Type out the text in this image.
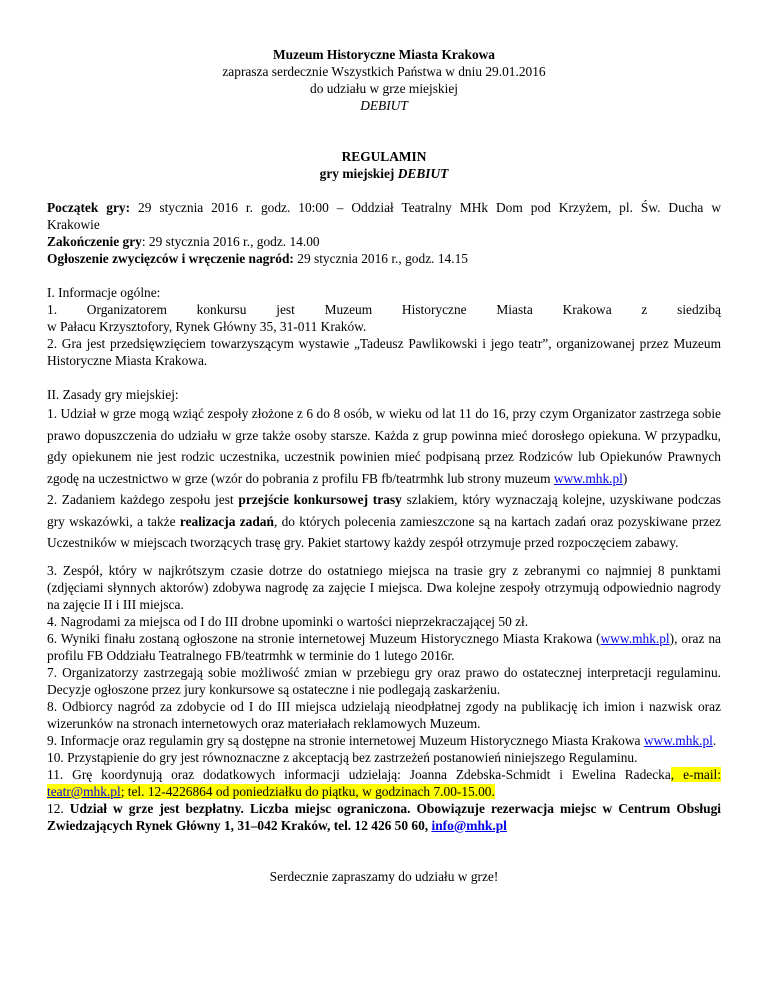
Muzeum Historyczne Miasta Krakowa

zaprasza serdecznie Wszystkich Państwa w dniu 29.01.2016

do udziału w grze miejskiej

DEBIUT

REGULAMIN

gry miejskiej DEBIUT

Początek gry: 29 stycznia 2016 r. godz. 10:00 – Oddział Teatralny MHk Dom pod Krzyżem, pl. Św. Ducha w

Krakowie

Zakończenie gry: 29 stycznia 2016 r., godz. 14.00

Ogłoszenie zwycięzców i wręczenie nagród: 29 stycznia 2016 r., godz. 14.15

I. Informacje ogólne:

1. Organizatorem konkursu jest Muzeum Historyczne Miasta Krakowa z siedzibą

w Pałacu Krzysztofory, Rynek Główny 35, 31-011 Kraków.

2. Gra jest przedsięwzięciem towarzyszącym wystawie „Tadeusz Pawlikowski i jego teatr”, organizowanej przez Muzeum Historyczne Miasta Krakowa.

II. Zasady gry miejskiej:

1. Udział w grze mogą wziąć zespoły złożone z 6 do 8 osób, w wieku od lat 11 do 16, przy czym Organizator zastrzega sobie prawo dopuszczenia do udziału w grze także osoby starsze. Każda z grup powinna mieć dorosłego opiekuna. W przypadku, gdy opiekunem nie jest rodzic uczestnika, uczestnik powinien mieć podpisaną przez Rodziców lub Opiekunów Prawnych zgodę na uczestnictwo w grze (wzór do pobrania z profilu FB fb/teatrmhk lub strony muzeum www.mhk.pl)

2. Zadaniem każdego zespołu jest przejście konkursowej trasy szlakiem, który wyznaczają kolejne, uzyskiwane podczas gry wskazówki, a także realizacja zadań, do których polecenia zamieszczone są na kartach zadań oraz pozyskiwane przez Uczestników w miejscach tworzących trasę gry. Pakiet startowy każdy zespół otrzymuje przed rozpoczęciem zabawy.

3. Zespół, który w najkrótszym czasie dotrze do ostatniego miejsca na trasie gry z zebranymi co najmniej 8 punktami (zdjęciami słynnych aktorów) zdobywa nagrodę za zajęcie I miejsca. Dwa kolejne zespoły otrzymują odpowiednio nagrody na zajęcie II i III miejsca.

4. Nagrodami za miejsca od I do III drobne upominki o wartości nieprzekraczającej 50 zł.

6. Wyniki finału zostaną ogłoszone na stronie internetowej Muzeum Historycznego Miasta Krakowa (www.mhk.pl), oraz na profilu FB Oddziału Teatralnego FB/teatrmhk w terminie do 1 lutego 2016r.

7. Organizatorzy zastrzegają sobie możliwość zmian w przebiegu gry oraz prawo do ostatecznej interpretacji regulaminu. Decyzje ogłoszone przez jury konkursowe są ostateczne i nie podlegają zaskarżeniu.

8. Odbiorcy nagród za zdobycie od I do III miejsca udzielają nieodpłatnej zgody na publikację ich imion i nazwisk oraz wizerunków na stronach internetowych oraz materiałach reklamowych Muzeum.

9. Informacje oraz regulamin gry są dostępne na stronie internetowej Muzeum Historycznego Miasta Krakowa www.mhk.pl.

10. Przystąpienie do gry jest równoznaczne z akceptacją bez zastrzeżeń postanowień niniejszego Regulaminu.

11. Grę koordynują oraz dodatkowych informacji udzielają: Joanna Zdebska-Schmidt i Ewelina Radecka, e-mail: teatr@mhk.pl; tel. 12-4226864 od poniedziałku do piątku, w godzinach 7.00-15.00.

12. Udział w grze jest bezpłatny. Liczba miejsc ograniczona. Obowiązuje rezerwacja miejsc w Centrum Obsługi Zwiedzających Rynek Główny 1, 31–042 Kraków, tel. 12 426 50 60, info@mhk.pl

Serdecznie zapraszamy do udziału w grze!
